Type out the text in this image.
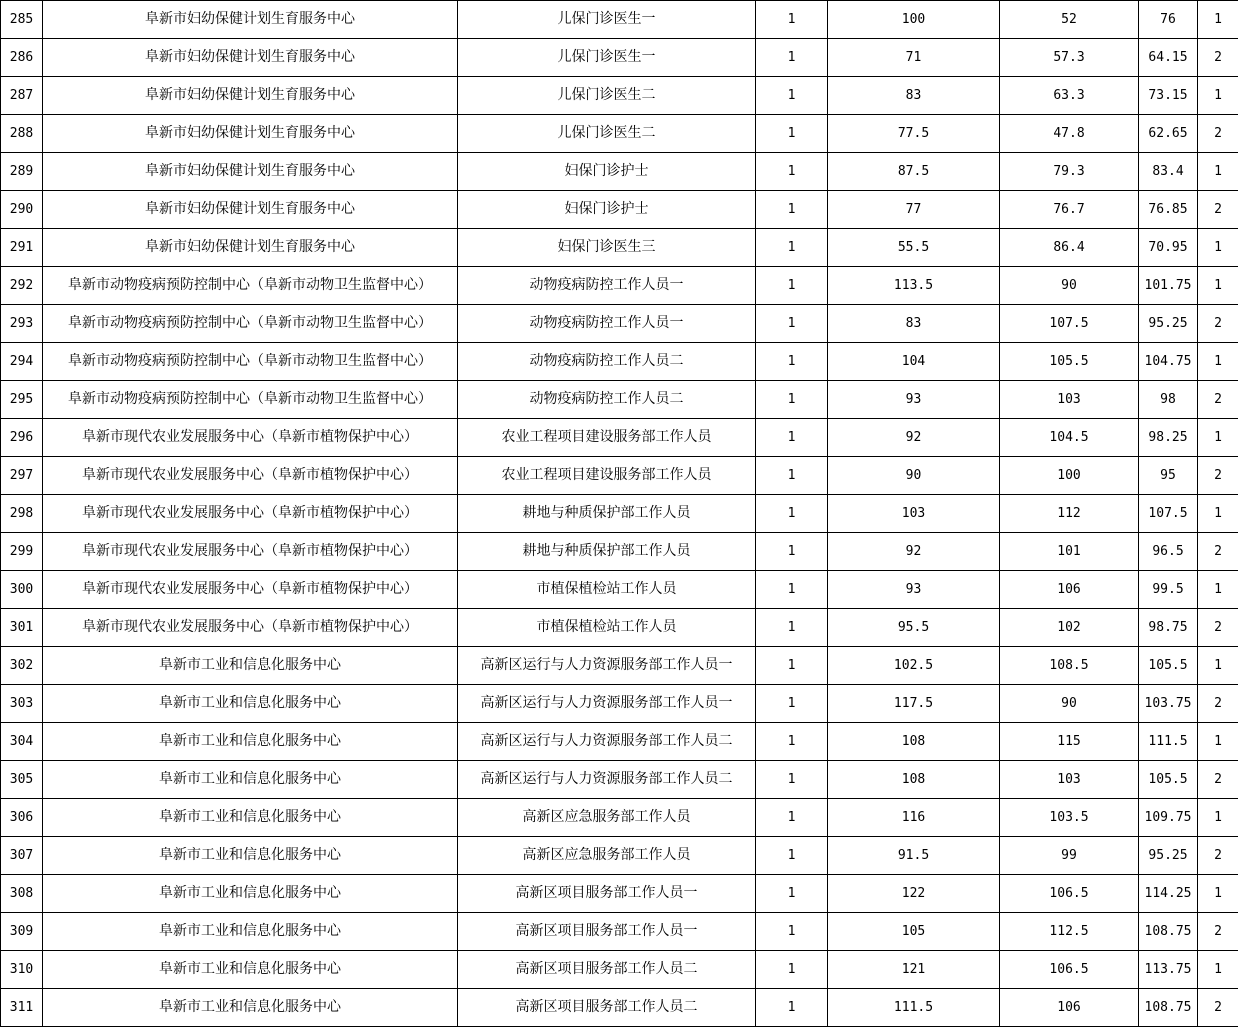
285	阜新市妇幼保健计划生育服务中心	儿保门诊医生一	1	100	52	76	1
286	阜新市妇幼保健计划生育服务中心	儿保门诊医生一	1	71	57.3	64.15	2
287	阜新市妇幼保健计划生育服务中心	儿保门诊医生二	1	83	63.3	73.15	1
288	阜新市妇幼保健计划生育服务中心	儿保门诊医生二	1	77.5	47.8	62.65	2
289	阜新市妇幼保健计划生育服务中心	妇保门诊护士	1	87.5	79.3	83.4	1
290	阜新市妇幼保健计划生育服务中心	妇保门诊护士	1	77	76.7	76.85	2
291	阜新市妇幼保健计划生育服务中心	妇保门诊医生三	1	55.5	86.4	70.95	1
292	阜新市动物疫病预防控制中心（阜新市动物卫生监督中心）	动物疫病防控工作人员一	1	113.5	90	101.75	1
293	阜新市动物疫病预防控制中心（阜新市动物卫生监督中心）	动物疫病防控工作人员一	1	83	107.5	95.25	2
294	阜新市动物疫病预防控制中心（阜新市动物卫生监督中心）	动物疫病防控工作人员二	1	104	105.5	104.75	1
295	阜新市动物疫病预防控制中心（阜新市动物卫生监督中心）	动物疫病防控工作人员二	1	93	103	98	2
296	阜新市现代农业发展服务中心（阜新市植物保护中心）	农业工程项目建设服务部工作人员	1	92	104.5	98.25	1
297	阜新市现代农业发展服务中心（阜新市植物保护中心）	农业工程项目建设服务部工作人员	1	90	100	95	2
298	阜新市现代农业发展服务中心（阜新市植物保护中心）	耕地与种质保护部工作人员	1	103	112	107.5	1
299	阜新市现代农业发展服务中心（阜新市植物保护中心）	耕地与种质保护部工作人员	1	92	101	96.5	2
300	阜新市现代农业发展服务中心（阜新市植物保护中心）	市植保植检站工作人员	1	93	106	99.5	1
301	阜新市现代农业发展服务中心（阜新市植物保护中心）	市植保植检站工作人员	1	95.5	102	98.75	2
302	阜新市工业和信息化服务中心	高新区运行与人力资源服务部工作人员一	1	102.5	108.5	105.5	1
303	阜新市工业和信息化服务中心	高新区运行与人力资源服务部工作人员一	1	117.5	90	103.75	2
304	阜新市工业和信息化服务中心	高新区运行与人力资源服务部工作人员二	1	108	115	111.5	1
305	阜新市工业和信息化服务中心	高新区运行与人力资源服务部工作人员二	1	108	103	105.5	2
306	阜新市工业和信息化服务中心	高新区应急服务部工作人员	1	116	103.5	109.75	1
307	阜新市工业和信息化服务中心	高新区应急服务部工作人员	1	91.5	99	95.25	2
308	阜新市工业和信息化服务中心	高新区项目服务部工作人员一	1	122	106.5	114.25	1
309	阜新市工业和信息化服务中心	高新区项目服务部工作人员一	1	105	112.5	108.75	2
310	阜新市工业和信息化服务中心	高新区项目服务部工作人员二	1	121	106.5	113.75	1
311	阜新市工业和信息化服务中心	高新区项目服务部工作人员二	1	111.5	106	108.75	2
